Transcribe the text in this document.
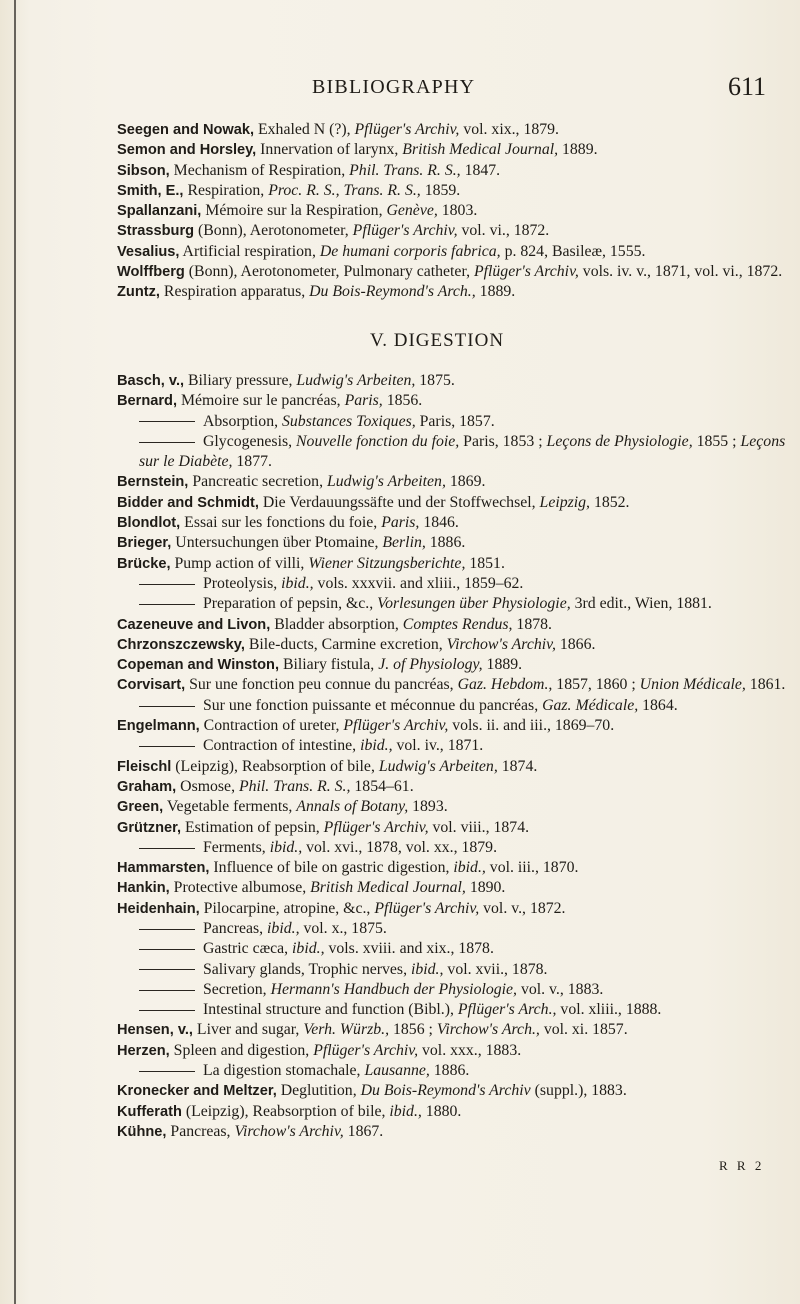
BIBLIOGRAPHY	611
Seegen and Nowak, Exhaled N (?), Pflüger's Archiv, vol. xix., 1879.
Semon and Horsley, Innervation of larynx, British Medical Journal, 1889.
Sibson, Mechanism of Respiration, Phil. Trans. R. S., 1847.
Smith, E., Respiration, Proc. R. S., Trans. R. S., 1859.
Spallanzani, Mémoire sur la Respiration, Genève, 1803.
Strassburg (Bonn), Aerotonometer, Pflüger's Archiv, vol. vi., 1872.
Vesalius, Artificial respiration, De humani corporis fabrica, p. 824, Basileæ, 1555.
Wolffberg (Bonn), Aerotonometer, Pulmonary catheter, Pflüger's Archiv, vols. iv. v., 1871, vol. vi., 1872.
Zuntz, Respiration apparatus, Du Bois-Reymond's Arch., 1889.
V. DIGESTION
Basch, v., Biliary pressure, Ludwig's Arbeiten, 1875.
Bernard, Mémoire sur le pancréas, Paris, 1856.
Absorption, Substances Toxiques, Paris, 1857.
Glycogenesis, Nouvelle fonction du foie, Paris, 1853 ; Leçons de Physiologie, 1855 ; Leçons sur le Diabète, 1877.
Bernstein, Pancreatic secretion, Ludwig's Arbeiten, 1869.
Bidder and Schmidt, Die Verdauungssäfte und der Stoffwechsel, Leipzig, 1852.
Blondlot, Essai sur les fonctions du foie, Paris, 1846.
Brieger, Untersuchungen über Ptomaine, Berlin, 1886.
Brücke, Pump action of villi, Wiener Sitzungsberichte, 1851.
Proteolysis, ibid., vols. xxxvii. and xliii., 1859–62.
Preparation of pepsin, &c., Vorlesungen über Physiologie, 3rd edit., Wien, 1881.
Cazeneuve and Livon, Bladder absorption, Comptes Rendus, 1878.
Chrzonszczewsky, Bile-ducts, Carmine excretion, Virchow's Archiv, 1866.
Copeman and Winston, Biliary fistula, J. of Physiology, 1889.
Corvisart, Sur une fonction peu connue du pancréas, Gaz. Hebdom., 1857, 1860 ; Union Médicale, 1861.
Sur une fonction puissante et méconnue du pancréas, Gaz. Médicale, 1864.
Engelmann, Contraction of ureter, Pflüger's Archiv, vols. ii. and iii., 1869–70.
Contraction of intestine, ibid., vol. iv., 1871.
Fleischl (Leipzig), Reabsorption of bile, Ludwig's Arbeiten, 1874.
Graham, Osmose, Phil. Trans. R. S., 1854–61.
Green, Vegetable ferments, Annals of Botany, 1893.
Grützner, Estimation of pepsin, Pflüger's Archiv, vol. viii., 1874.
Ferments, ibid., vol. xvi., 1878, vol. xx., 1879.
Hammarsten, Influence of bile on gastric digestion, ibid., vol. iii., 1870.
Hankin, Protective albumose, British Medical Journal, 1890.
Heidenhain, Pilocarpine, atropine, &c., Pflüger's Archiv, vol. v., 1872.
Pancreas, ibid., vol. x., 1875.
Gastric cæca, ibid., vols. xviii. and xix., 1878.
Salivary glands, Trophic nerves, ibid., vol. xvii., 1878.
Secretion, Hermann's Handbuch der Physiologie, vol. v., 1883.
Intestinal structure and function (Bibl.), Pflüger's Arch., vol. xliii., 1888.
Hensen, v., Liver and sugar, Verh. Würzb., 1856 ; Virchow's Arch., vol. xi. 1857.
Herzen, Spleen and digestion, Pflüger's Archiv, vol. xxx., 1883.
La digestion stomachale, Lausanne, 1886.
Kronecker and Meltzer, Deglutition, Du Bois-Reymond's Archiv (suppl.), 1883.
Kufferath (Leipzig), Reabsorption of bile, ibid., 1880.
Kühne, Pancreas, Virchow's Archiv, 1867.
R R 2
